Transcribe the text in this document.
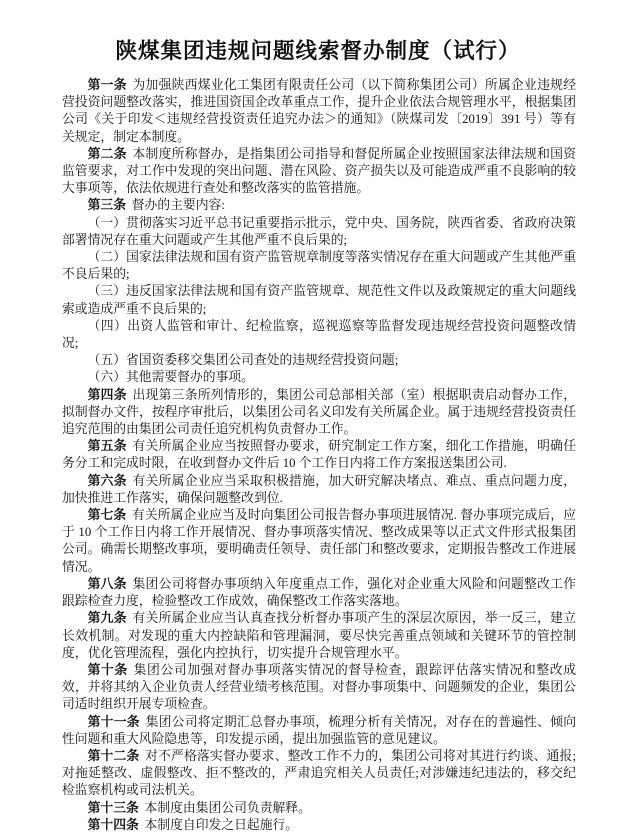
陕煤集团违规问题线索督办制度（试行）

第一条 为加强陕西煤业化工集团有限责任公司（以下简称集团公司）所属企业违规经营投资问题整改落实，推进国资国企改革重点工作，提升企业依法合规管理水平，根据集团公司《关于印发＜违规经营投资责任追究办法＞的通知》（陕煤司发〔2019〕391 号）等有关规定，制定本制度。

第二条 本制度所称督办，是指集团公司指导和督促所属企业按照国家法律法规和国资监管要求，对工作中发现的突出问题、潜在风险、资产损失以及可能造成严重不良影响的较大事项等，依法依规进行查处和整改落实的监管措施。

第三条 督办的主要内容:

（一）贯彻落实习近平总书记重要指示批示，党中央、国务院，陕西省委、省政府决策部署情况存在重大问题或产生其他严重不良后果的;

（二）国家法律法规和国有资产监管规章制度等落实情况存在重大问题或产生其他严重不良后果的;

（三）违反国家法律法规和国有资产监管规章、规范性文件以及政策规定的重大问题线索或造成严重不良后果的;

（四）出资人监管和审计、纪检监察，巡视巡察等监督发现违规经营投资问题整改情况;

（五）省国资委移交集团公司查处的违规经营投资问题;

（六）其他需要督办的事项。

第四条 出现第三条所列情形的，集团公司总部相关部（室）根据职责启动督办工作，拟制督办文件，按程序审批后，以集团公司名义印发有关所属企业。属于违规经营投资责任追究范围的由集团公司责任追究机构负责督办工作。

第五条 有关所属企业应当按照督办要求，研究制定工作方案，细化工作措施，明确任务分工和完成时限，在收到督办文件后 10 个工作日内将工作方案报送集团公司.

第六条 有关所属企业应当采取积极措施，加大研究解决堵点、难点、重点问题力度，加快推进工作落实，确保问题整改到位.

第七条 有关所属企业应当及时向集团公司报告督办事项进展情况. 督办事项完成后，应于 10 个工作日内将工作开展情况、督办事项落实情况、整改成果等以正式文件形式报集团公司。确需长期整改事项，要明确责任领导、责任部门和整改要求，定期报告整改工作进展情况。

第八条 集团公司将督办事项纳入年度重点工作，强化对企业重大风险和问题整改工作跟踪检查力度，检验整改工作成效，确保整改工作落实落地。

第九条 有关所属企业应当认真查找分析督办事项产生的深层次原因，举一反三，建立长效机制。对发现的重大内控缺陷和管理漏洞，要尽快完善重点领域和关键环节的管控制度，优化管理流程，强化内控执行，切实提升合规管理水平。

第十条 集团公司加强对督办事项落实情况的督导检查，跟踪评估落实情况和整改成效，并将其纳入企业负责人经营业绩考核范围。对督办事项集中、问题频发的企业，集团公司适时组织开展专项检查。

第十一条 集团公司将定期汇总督办事项，梳理分析有关情况，对存在的普遍性、倾向性问题和重大风险隐患等，印发提示函，提出加强监管的意见建议。

第十二条 对不严格落实督办要求、整改工作不力的，集团公司将对其进行约谈、通报;对拖延整改、虚假整改、拒不整改的，严肃追究相关人员责任;对涉嫌违纪违法的，移交纪检监察机构或司法机关。

第十三条 本制度由集团公司负责解释。

第十四条 本制度自印发之日起施行。
